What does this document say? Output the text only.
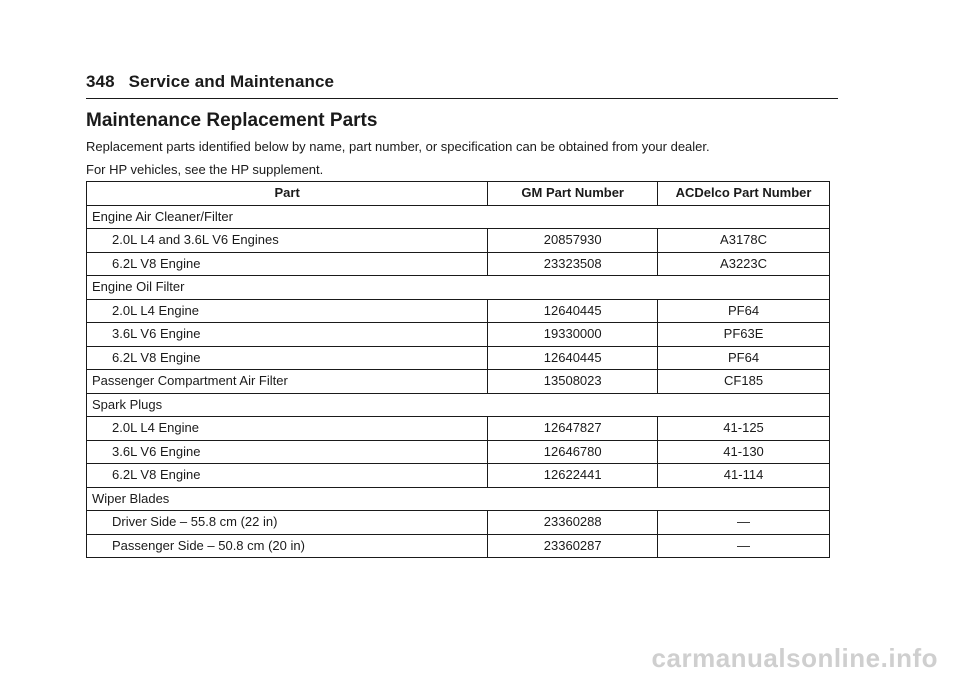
348 Service and Maintenance
Maintenance Replacement Parts
Replacement parts identified below by name, part number, or specification can be obtained from your dealer.
For HP vehicles, see the HP supplement.
Part	GM Part Number	ACDelco Part Number
Engine Air Cleaner/Filter		
2.0L L4 and 3.6L V6 Engines	20857930	A3178C
6.2L V8 Engine	23323508	A3223C
Engine Oil Filter		
2.0L L4 Engine	12640445	PF64
3.6L V6 Engine	19330000	PF63E
6.2L V8 Engine	12640445	PF64
Passenger Compartment Air Filter	13508023	CF185
Spark Plugs		
2.0L L4 Engine	12647827	41-125
3.6L V6 Engine	12646780	41-130
6.2L V8 Engine	12622441	41-114
Wiper Blades		
Driver Side – 55.8 cm (22 in)	23360288	—
Passenger Side – 50.8 cm (20 in)	23360287	—
carmanualsonline.info
